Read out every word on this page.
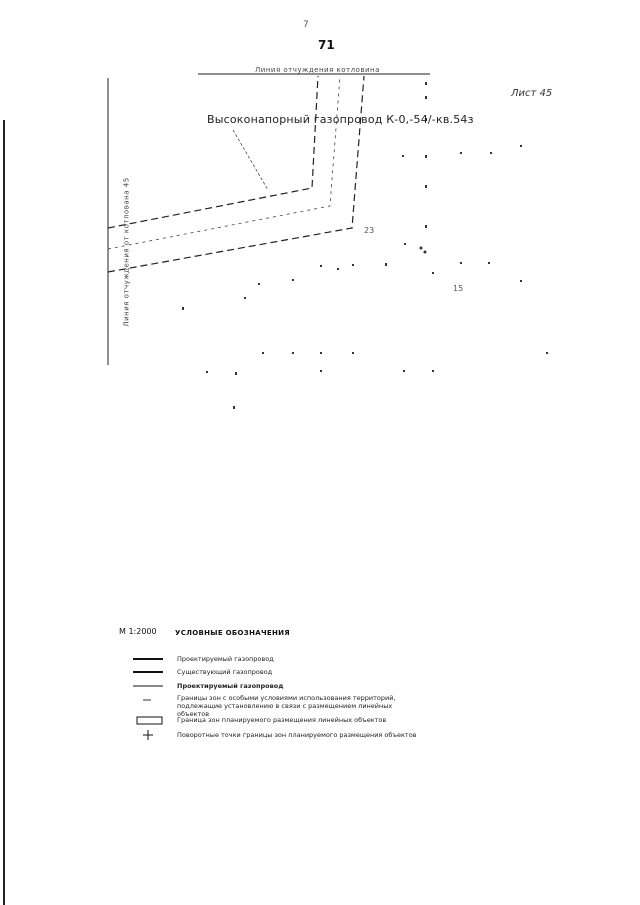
7
71
Лист 45
Линия отчуждения котловина
Линия отчуждения от котлована 45
Высоконапорный газопровод К-0,-54/-кв.54з
23
15
М 1:2000	УСЛОВНЫЕ ОБОЗНАЧЕНИЯ
Проектируемый газопровод
Существующий газопровод
Проектируемый газопровод
Границы зон с особыми условиями использования территорий, подлежащие установлению в связи с размещением линейных объектов
Граница зон планируемого размещения линейных объектов
Поворотные точки границы зон планируемого размещения объектов
